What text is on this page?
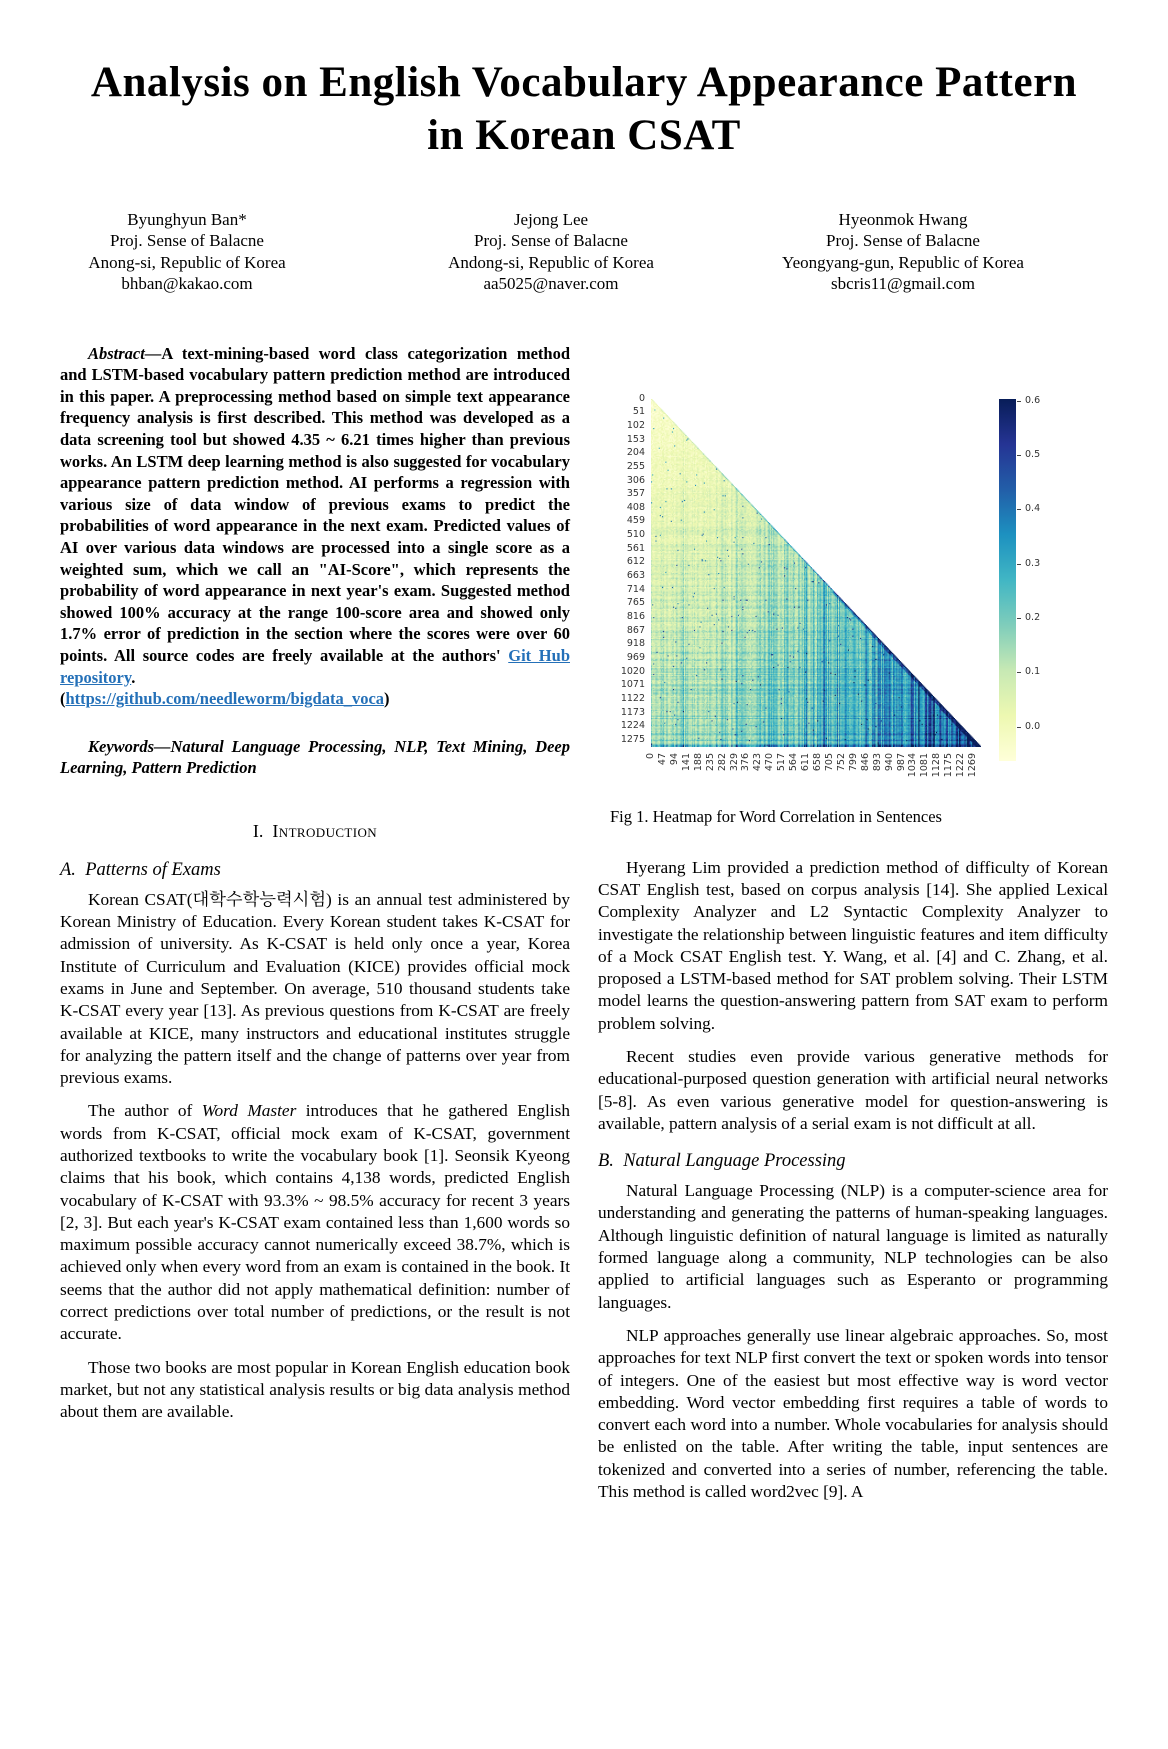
Analysis on English Vocabulary Appearance Pattern in Korean CSAT
Byunghyun Ban*
Proj. Sense of Balacne
Anong-si, Republic of Korea
bhban@kakao.com
Jejong Lee
Proj. Sense of Balacne
Andong-si, Republic of Korea
aa5025@naver.com
Hyeonmok Hwang
Proj. Sense of Balacne
Yeongyang-gun, Republic of Korea
sbcris11@gmail.com

Abstract—A text-mining-based word class categorization method and LSTM-based vocabulary pattern prediction method are introduced in this paper. A preprocessing method based on simple text appearance frequency analysis is first described. This method was developed as a data screening tool but showed 4.35 ~ 6.21 times higher than previous works. An LSTM deep learning method is also suggested for vocabulary appearance pattern prediction method. AI performs a regression with various size of data window of previous exams to predict the probabilities of word appearance in the next exam. Predicted values of AI over various data windows are processed into a single score as a weighted sum, which we call an "AI-Score", which represents the probability of word appearance in next year's exam. Suggested method showed 100% accuracy at the range 100-score area and showed only 1.7% error of prediction in the section where the scores were over 60 points. All source codes are freely available at the authors' Git Hub repository.
(https://github.com/needleworm/bigdata_voca)

Keywords—Natural Language Processing, NLP, Text Mining, Deep Learning, Pattern Prediction

I. Introduction
A. Patterns of Exams

Korean CSAT(대학수학능력시험) is an annual test administered by Korean Ministry of Education. Every Korean student takes K-CSAT for admission of university. As K-CSAT is held only once a year, Korea Institute of Curriculum and Evaluation (KICE) provides official mock exams in June and September. On average, 510 thousand students take K-CSAT every year [13]. As previous questions from K-CSAT are freely available at KICE, many instructors and educational institutes struggle for analyzing the pattern itself and the change of patterns over year from previous exams.

The author of Word Master introduces that he gathered English words from K-CSAT, official mock exam of K-CSAT, government authorized textbooks to write the vocabulary book [1]. Seonsik Kyeong claims that his book, which contains 4,138 words, predicted English vocabulary of K-CSAT with 93.3% ~ 98.5% accuracy for recent 3 years [2, 3]. But each year's K-CSAT exam contained less than 1,600 words so maximum possible accuracy cannot numerically exceed 38.7%, which is achieved only when every word from an exam is contained in the book. It seems that the author did not apply mathematical definition: number of correct predictions over total number of predictions, or the result is not accurate.

Those two books are most popular in Korean English education book market, but not any statistical analysis results or big data analysis method about them are available.

0
51
102
153
204
255
306
357
408
459
510
561
612
663
714
765
816
867
918
969
1020
1071
1122
1173
1224
1275
0 47 94 141 188 235 282 329 376 423 470 517 564 611 658 705 752 799 846 893 940 987 1034 1081 1128 1175 1222 1269
0.6
0.5
0.4
0.3
0.2
0.1
0.0
Fig 1. Heatmap for Word Correlation in Sentences

Hyerang Lim provided a prediction method of difficulty of Korean CSAT English test, based on corpus analysis [14]. She applied Lexical Complexity Analyzer and L2 Syntactic Complexity Analyzer to investigate the relationship between linguistic features and item difficulty of a Mock CSAT English test. Y. Wang, et al. [4] and C. Zhang, et al. proposed a LSTM-based method for SAT problem solving. Their LSTM model learns the question-answering pattern from SAT exam to perform problem solving.

Recent studies even provide various generative methods for educational-purposed question generation with artificial neural networks [5-8]. As even various generative model for question-answering is available, pattern analysis of a serial exam is not difficult at all.

B. Natural Language Processing

Natural Language Processing (NLP) is a computer-science area for understanding and generating the patterns of human-speaking languages. Although linguistic definition of natural language is limited as naturally formed language along a community, NLP technologies can be also applied to artificial languages such as Esperanto or programming languages.

NLP approaches generally use linear algebraic approaches. So, most approaches for text NLP first convert the text or spoken words into tensor of integers. One of the easiest but most effective way is word vector embedding. Word vector embedding first requires a table of words to convert each word into a number. Whole vocabularies for analysis should be enlisted on the table. After writing the table, input sentences are tokenized and converted into a series of number, referencing the table. This method is called word2vec [9]. A
